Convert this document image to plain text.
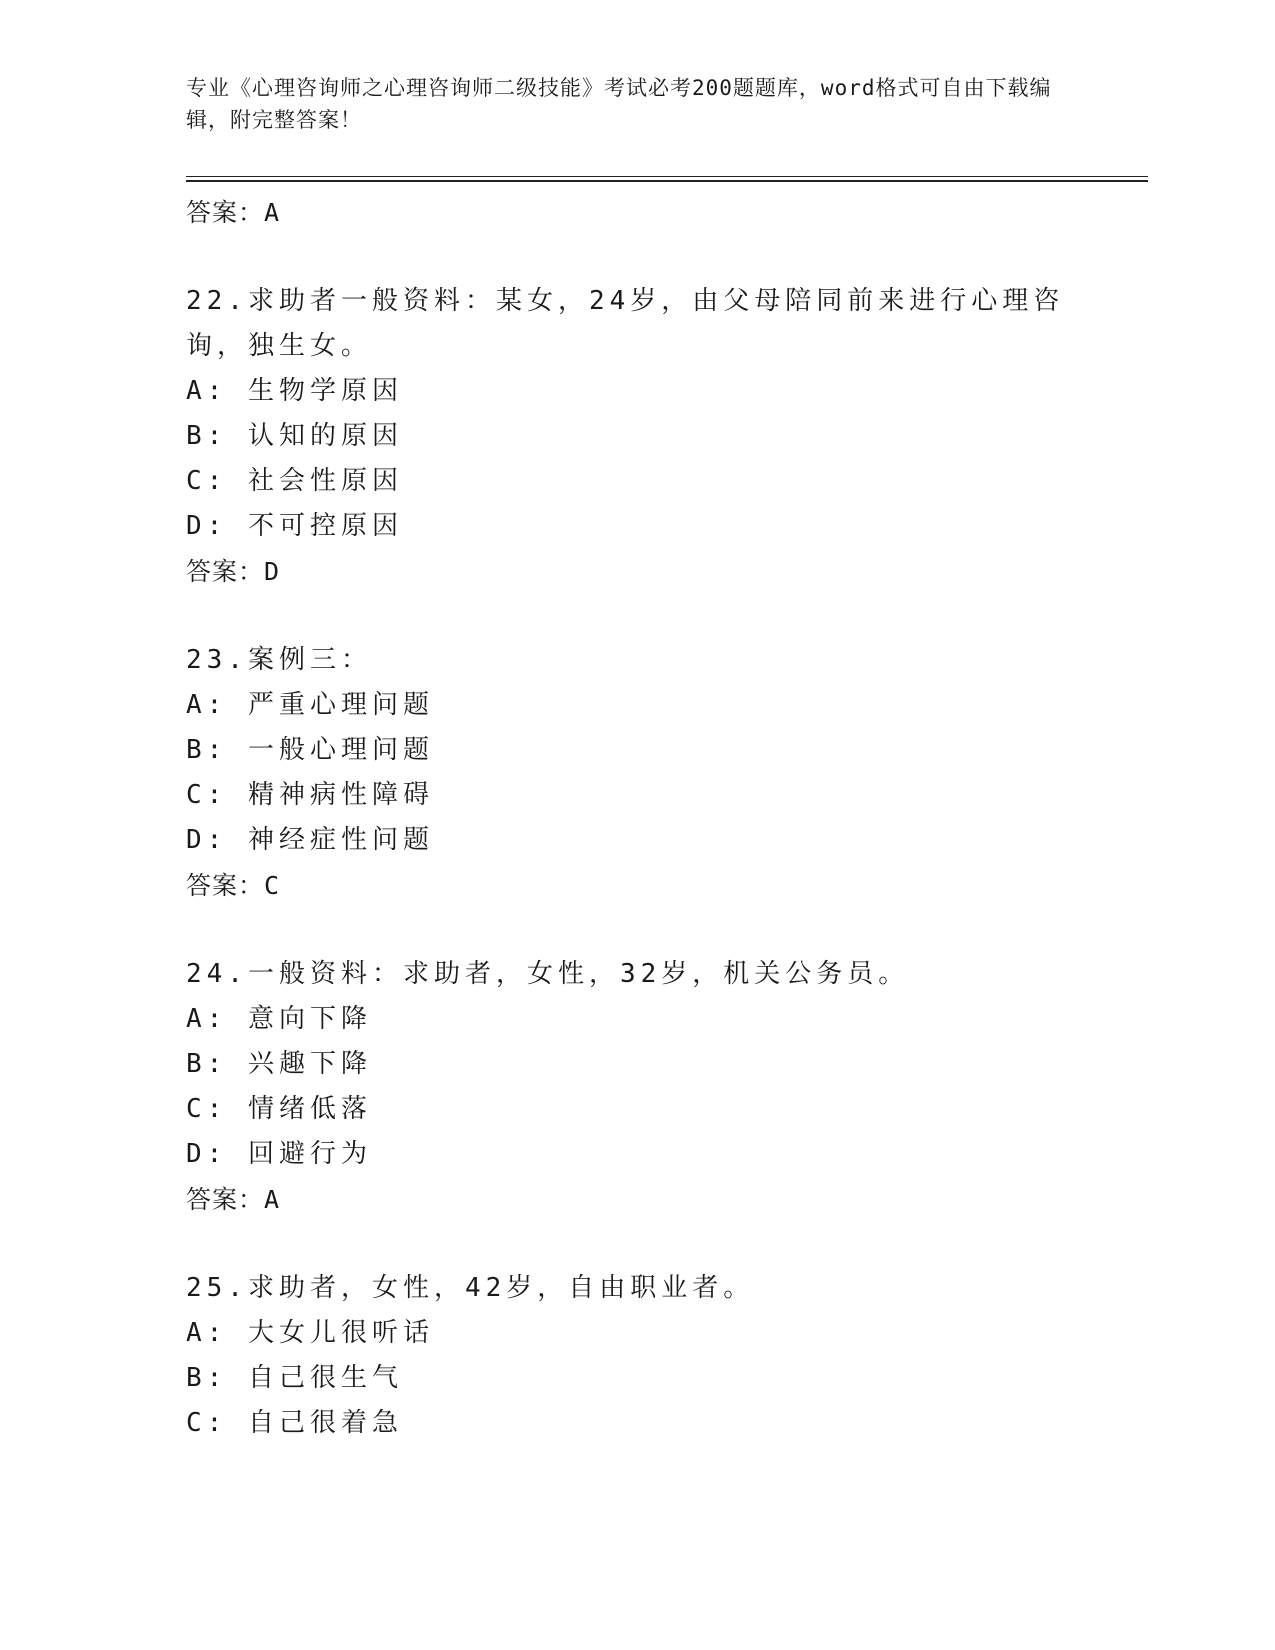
专业《心理咨询师之心理咨询师二级技能》考试必考200题题库，word格式可自由下载编辑，附完整答案！
答案：A
22.求助者一般资料：某女，24岁，由父母陪同前来进行心理咨询，独生女。
A: 生物学原因
B: 认知的原因
C: 社会性原因
D: 不可控原因
答案：D
23.案例三：
A: 严重心理问题
B: 一般心理问题
C: 精神病性障碍
D: 神经症性问题
答案：C
24.一般资料：求助者，女性，32岁，机关公务员。
A: 意向下降
B: 兴趣下降
C: 情绪低落
D: 回避行为
答案：A
25.求助者，女性，42岁，自由职业者。
A: 大女儿很听话
B: 自己很生气
C: 自己很着急
